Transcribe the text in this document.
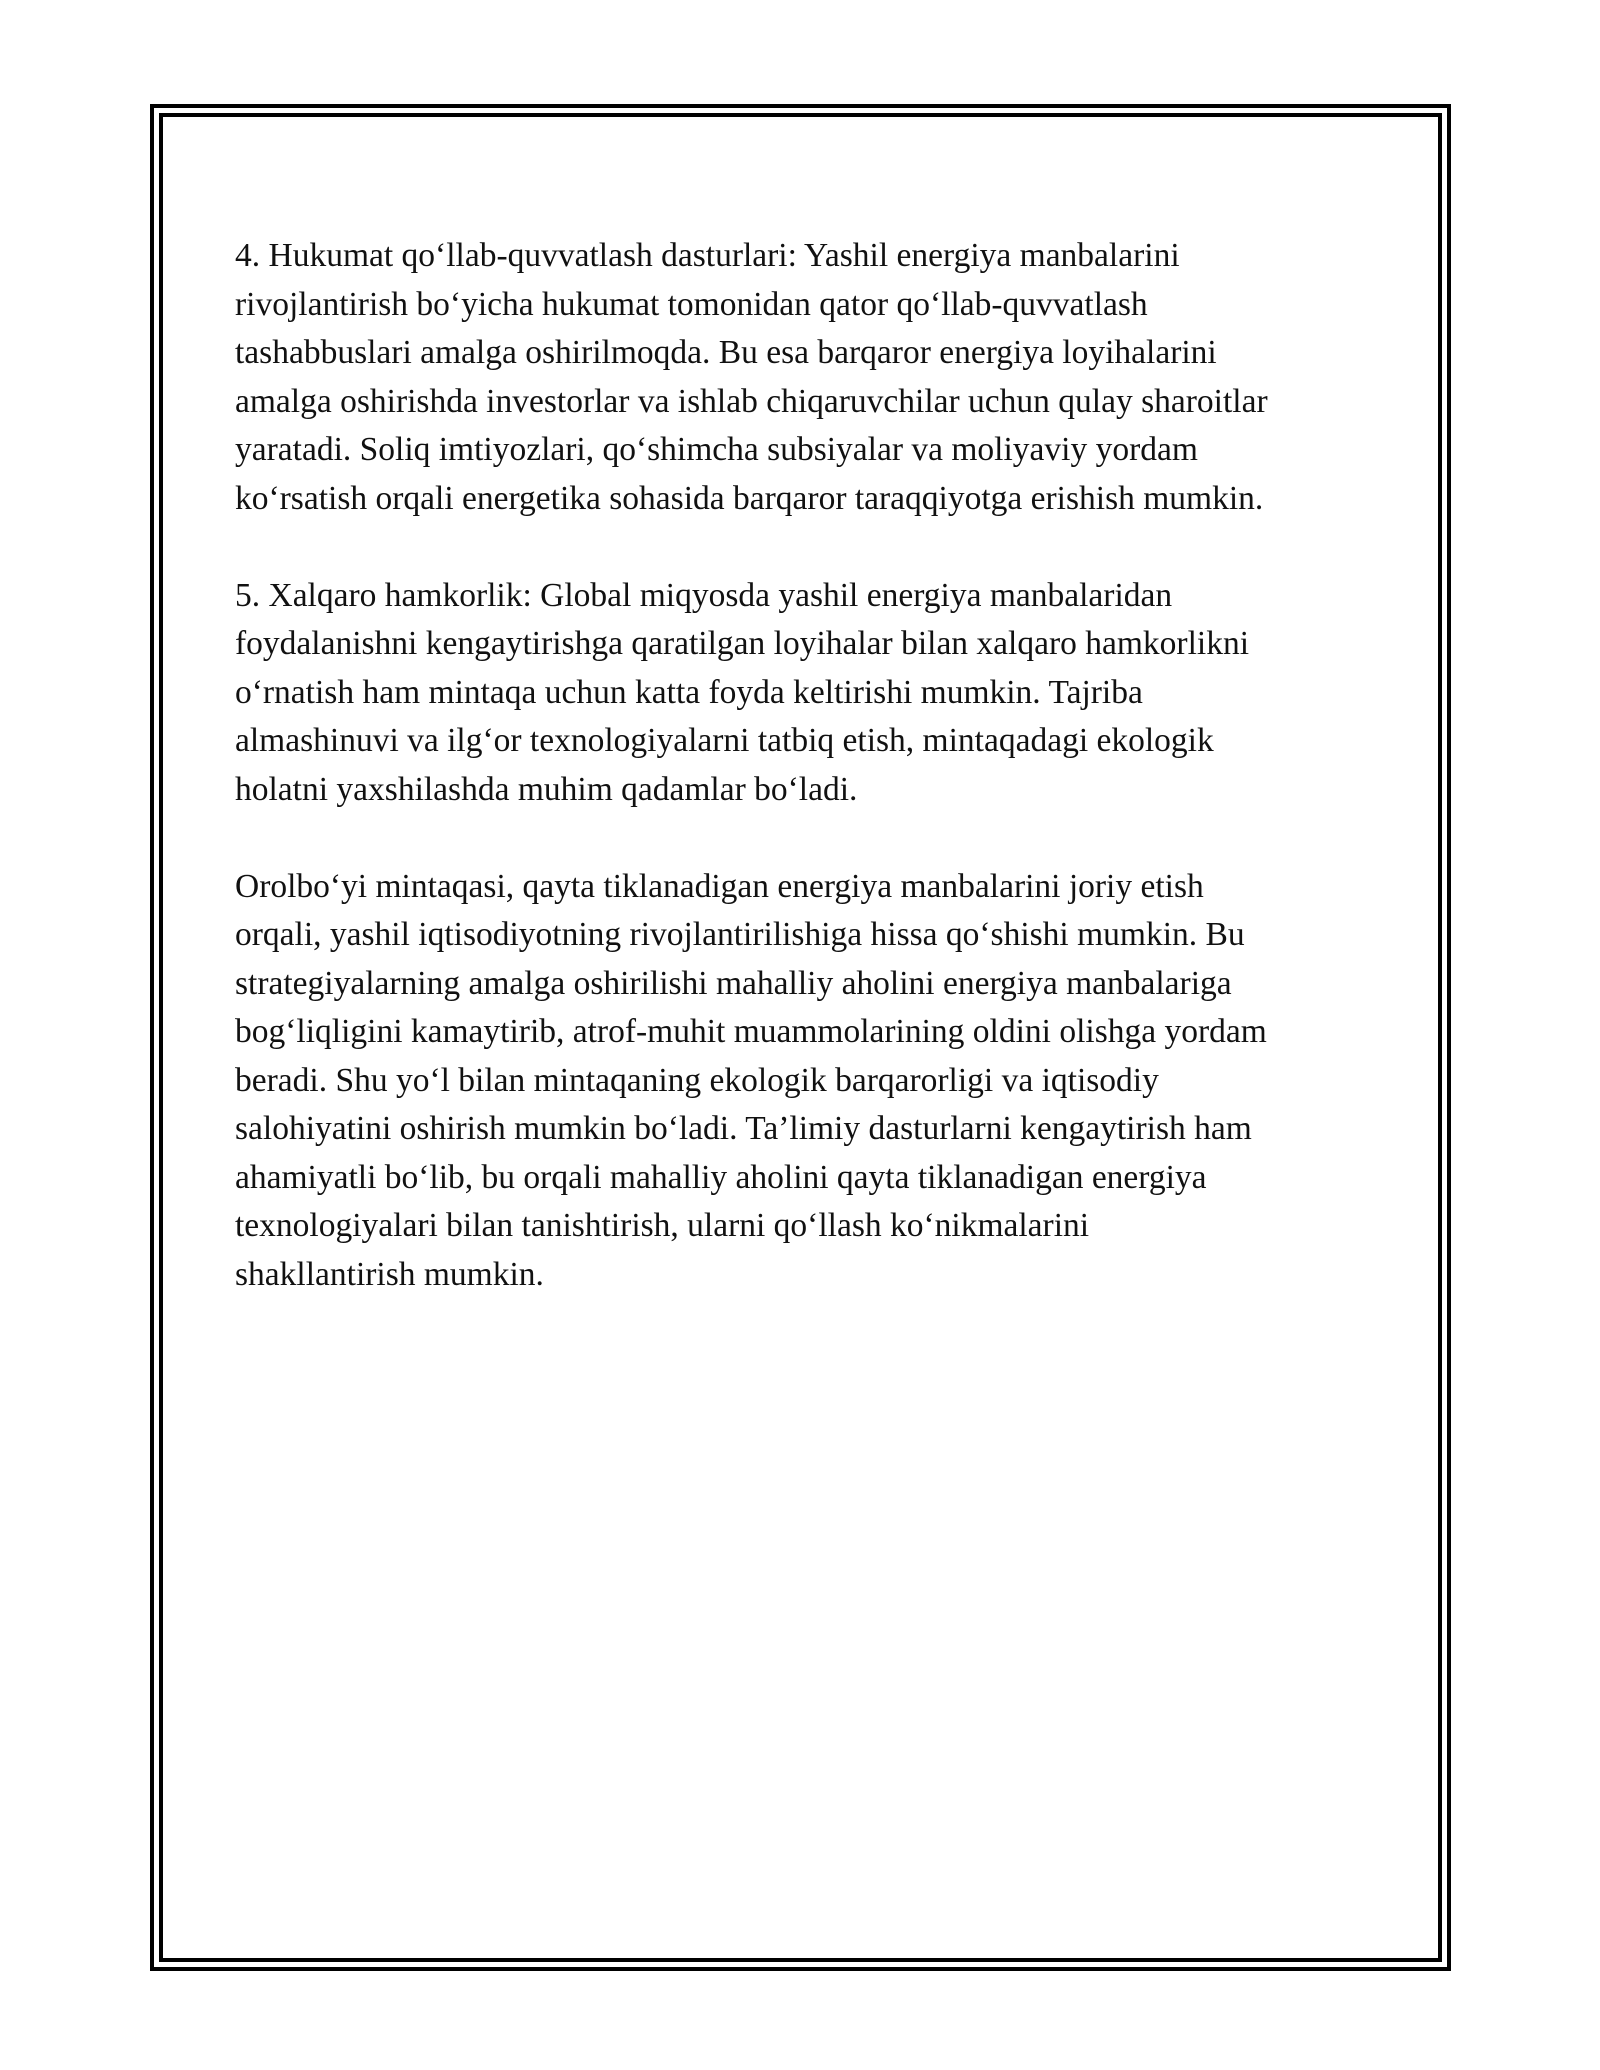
4. Hukumat qo‘llab-quvvatlash dasturlari: Yashil energiya manbalarini
rivojlantirish bo‘yicha hukumat tomonidan qator qo‘llab-quvvatlash
tashabbuslari amalga oshirilmoqda. Bu esa barqaror energiya loyihalarini
amalga oshirishda investorlar va ishlab chiqaruvchilar uchun qulay sharoitlar
yaratadi. Soliq imtiyozlari, qo‘shimcha subsiyalar va moliyaviy yordam
ko‘rsatish orqali energetika sohasida barqaror taraqqiyotga erishish mumkin.

5. Xalqaro hamkorlik: Global miqyosda yashil energiya manbalaridan
foydalanishni kengaytirishga qaratilgan loyihalar bilan xalqaro hamkorlikni
o‘rnatish ham mintaqa uchun katta foyda keltirishi mumkin. Tajriba
almashinuvi va ilg‘or texnologiyalarni tatbiq etish, mintaqadagi ekologik
holatni yaxshilashda muhim qadamlar bo‘ladi.

Orolbo‘yi mintaqasi, qayta tiklanadigan energiya manbalarini joriy etish
orqali, yashil iqtisodiyotning rivojlantirilishiga hissa qo‘shishi mumkin. Bu
strategiyalarning amalga oshirilishi mahalliy aholini energiya manbalariga
bog‘liqligini kamaytirib, atrof-muhit muammolarining oldini olishga yordam
beradi. Shu yo‘l bilan mintaqaning ekologik barqarorligi va iqtisodiy
salohiyatini oshirish mumkin bo‘ladi. Ta’limiy dasturlarni kengaytirish ham
ahamiyatli bo‘lib, bu orqali mahalliy aholini qayta tiklanadigan energiya
texnologiyalari bilan tanishtirish, ularni qo‘llash ko‘nikmalarini
shakllantirish mumkin.
